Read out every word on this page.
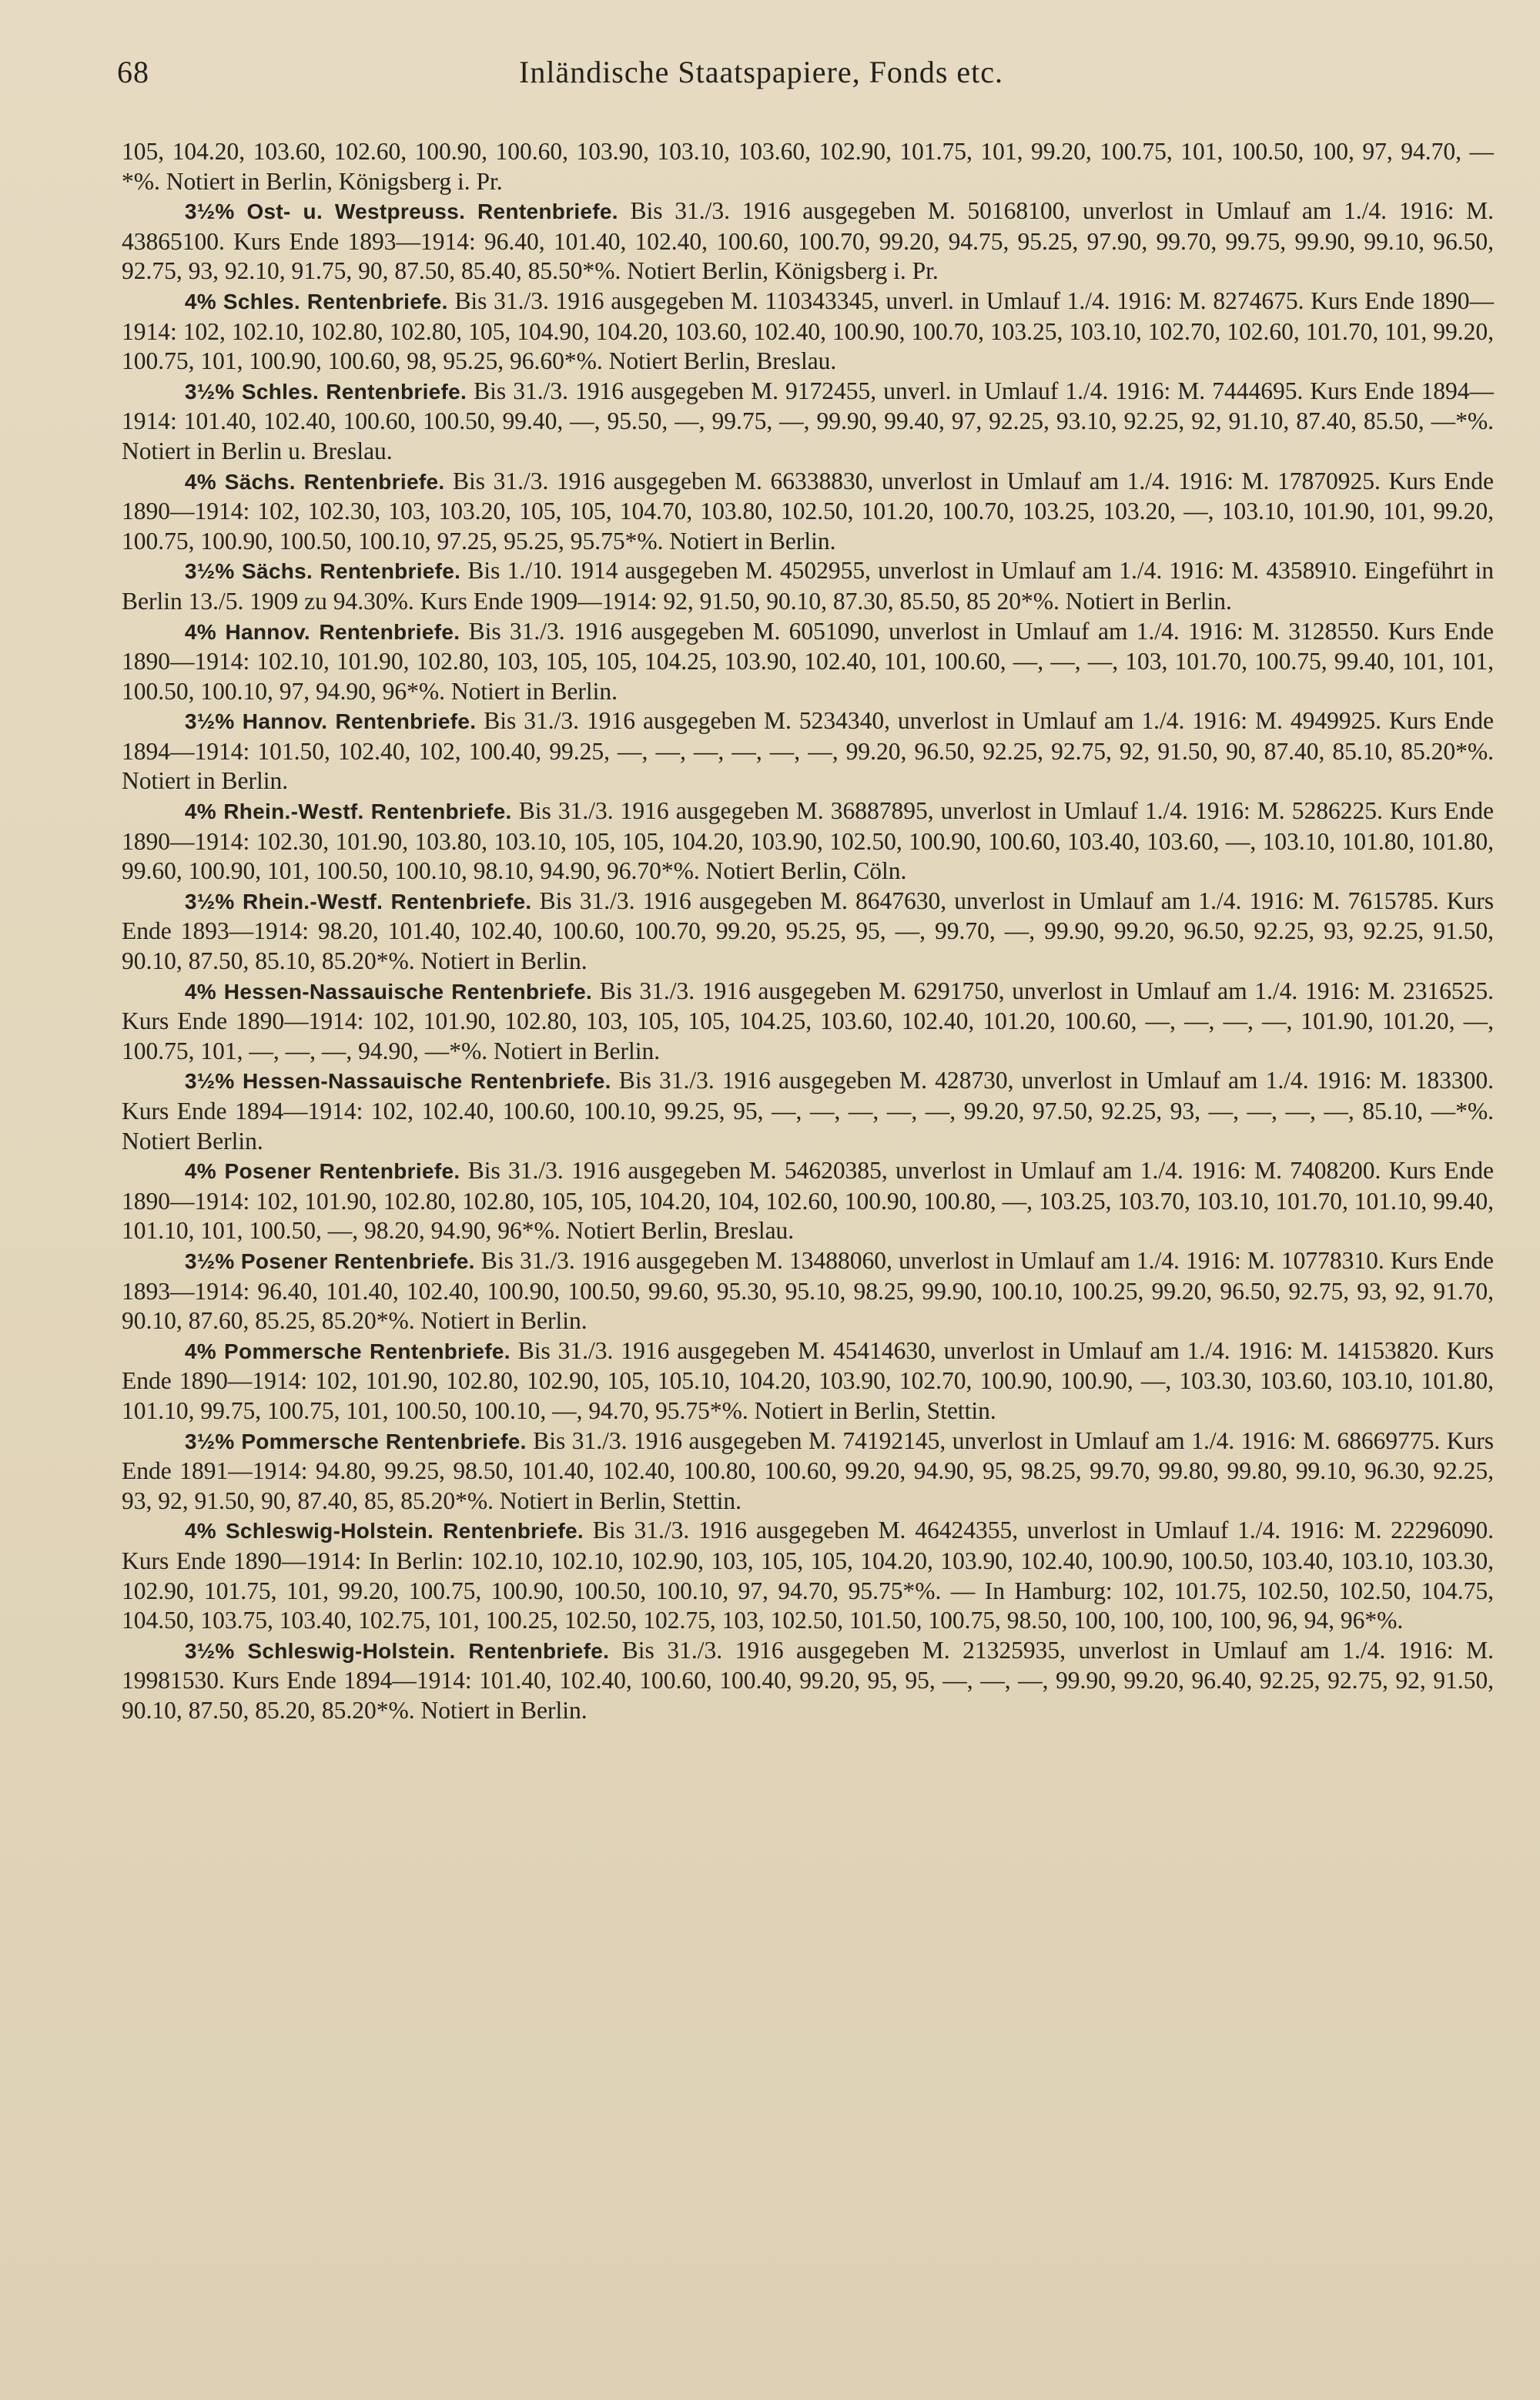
68	Inländische Staatspapiere, Fonds etc.

105, 104.20, 103.60, 102.60, 100.90, 100.60, 103.90, 103.10, 103.60, 102.90, 101.75, 101, 99.20, 100.75, 101, 100.50, 100, 97, 94.70, —*%. Notiert in Berlin, Königsberg i. Pr.

3½% Ost- u. Westpreuss. Rentenbriefe. Bis 31./3. 1916 ausgegeben M. 50168100, unverlost in Umlauf am 1./4. 1916: M. 43865100. Kurs Ende 1893—1914: 96.40, 101.40, 102.40, 100.60, 100.70, 99.20, 94.75, 95.25, 97.90, 99.70, 99.75, 99.90, 99.10, 96.50, 92.75, 93, 92.10, 91.75, 90, 87.50, 85.40, 85.50*%. Notiert Berlin, Königsberg i. Pr.

4% Schles. Rentenbriefe. Bis 31./3. 1916 ausgegeben M. 110343345, unverl. in Umlauf 1./4. 1916: M. 8274675. Kurs Ende 1890—1914: 102, 102.10, 102.80, 102.80, 105, 104.90, 104.20, 103.60, 102.40, 100.90, 100.70, 103.25, 103.10, 102.70, 102.60, 101.70, 101, 99.20, 100.75, 101, 100.90, 100.60, 98, 95.25, 96.60*%. Notiert Berlin, Breslau.

3½% Schles. Rentenbriefe. Bis 31./3. 1916 ausgegeben M. 9172455, unverl. in Umlauf 1./4. 1916: M. 7444695. Kurs Ende 1894—1914: 101.40, 102.40, 100.60, 100.50, 99.40, —, 95.50, —, 99.75, —, 99.90, 99.40, 97, 92.25, 93.10, 92.25, 92, 91.10, 87.40, 85.50, —*%. Notiert in Berlin u. Breslau.

4% Sächs. Rentenbriefe. Bis 31./3. 1916 ausgegeben M. 66338830, unverlost in Umlauf am 1./4. 1916: M. 17870925. Kurs Ende 1890—1914: 102, 102.30, 103, 103.20, 105, 105, 104.70, 103.80, 102.50, 101.20, 100.70, 103.25, 103.20, —, 103.10, 101.90, 101, 99.20, 100.75, 100.90, 100.50, 100.10, 97.25, 95.25, 95.75*%. Notiert in Berlin.

3½% Sächs. Rentenbriefe. Bis 1./10. 1914 ausgegeben M. 4502955, unverlost in Umlauf am 1./4. 1916: M. 4358910. Eingeführt in Berlin 13./5. 1909 zu 94.30%. Kurs Ende 1909—1914: 92, 91.50, 90.10, 87.30, 85.50, 85 20*%. Notiert in Berlin.

4% Hannov. Rentenbriefe. Bis 31./3. 1916 ausgegeben M. 6051090, unverlost in Umlauf am 1./4. 1916: M. 3128550. Kurs Ende 1890—1914: 102.10, 101.90, 102.80, 103, 105, 105, 104.25, 103.90, 102.40, 101, 100.60, —, —, —, 103, 101.70, 100.75, 99.40, 101, 101, 100.50, 100.10, 97, 94.90, 96*%. Notiert in Berlin.

3½% Hannov. Rentenbriefe. Bis 31./3. 1916 ausgegeben M. 5234340, unverlost in Umlauf am 1./4. 1916: M. 4949925. Kurs Ende 1894—1914: 101.50, 102.40, 102, 100.40, 99.25, —, —, —, —, —, —, 99.20, 96.50, 92.25, 92.75, 92, 91.50, 90, 87.40, 85.10, 85.20*%. Notiert in Berlin.

4% Rhein.-Westf. Rentenbriefe. Bis 31./3. 1916 ausgegeben M. 36887895, unverlost in Umlauf 1./4. 1916: M. 5286225. Kurs Ende 1890—1914: 102.30, 101.90, 103.80, 103.10, 105, 105, 104.20, 103.90, 102.50, 100.90, 100.60, 103.40, 103.60, —, 103.10, 101.80, 101.80, 99.60, 100.90, 101, 100.50, 100.10, 98.10, 94.90, 96.70*%. Notiert Berlin, Cöln.

3½% Rhein.-Westf. Rentenbriefe. Bis 31./3. 1916 ausgegeben M. 8647630, unverlost in Umlauf am 1./4. 1916: M. 7615785. Kurs Ende 1893—1914: 98.20, 101.40, 102.40, 100.60, 100.70, 99.20, 95.25, 95, —, 99.70, —, 99.90, 99.20, 96.50, 92.25, 93, 92.25, 91.50, 90.10, 87.50, 85.10, 85.20*%. Notiert in Berlin.

4% Hessen-Nassauische Rentenbriefe. Bis 31./3. 1916 ausgegeben M. 6291750, unverlost in Umlauf am 1./4. 1916: M. 2316525. Kurs Ende 1890—1914: 102, 101.90, 102.80, 103, 105, 105, 104.25, 103.60, 102.40, 101.20, 100.60, —, —, —, —, 101.90, 101.20, —, 100.75, 101, —, —, —, 94.90, —*%. Notiert in Berlin.

3½% Hessen-Nassauische Rentenbriefe. Bis 31./3. 1916 ausgegeben M. 428730, unverlost in Umlauf am 1./4. 1916: M. 183300. Kurs Ende 1894—1914: 102, 102.40, 100.60, 100.10, 99.25, 95, —, —, —, —, —, 99.20, 97.50, 92.25, 93, —, —, —, —, 85.10, —*%. Notiert Berlin.

4% Posener Rentenbriefe. Bis 31./3. 1916 ausgegeben M. 54620385, unverlost in Umlauf am 1./4. 1916: M. 7408200. Kurs Ende 1890—1914: 102, 101.90, 102.80, 102.80, 105, 105, 104.20, 104, 102.60, 100.90, 100.80, —, 103.25, 103.70, 103.10, 101.70, 101.10, 99.40, 101.10, 101, 100.50, —, 98.20, 94.90, 96*%. Notiert Berlin, Breslau.

3½% Posener Rentenbriefe. Bis 31./3. 1916 ausgegeben M. 13488060, unverlost in Umlauf am 1./4. 1916: M. 10778310. Kurs Ende 1893—1914: 96.40, 101.40, 102.40, 100.90, 100.50, 99.60, 95.30, 95.10, 98.25, 99.90, 100.10, 100.25, 99.20, 96.50, 92.75, 93, 92, 91.70, 90.10, 87.60, 85.25, 85.20*%. Notiert in Berlin.

4% Pommersche Rentenbriefe. Bis 31./3. 1916 ausgegeben M. 45414630, unverlost in Umlauf am 1./4. 1916: M. 14153820. Kurs Ende 1890—1914: 102, 101.90, 102.80, 102.90, 105, 105.10, 104.20, 103.90, 102.70, 100.90, 100.90, —, 103.30, 103.60, 103.10, 101.80, 101.10, 99.75, 100.75, 101, 100.50, 100.10, —, 94.70, 95.75*%. Notiert in Berlin, Stettin.

3½% Pommersche Rentenbriefe. Bis 31./3. 1916 ausgegeben M. 74192145, unverlost in Umlauf am 1./4. 1916: M. 68669775. Kurs Ende 1891—1914: 94.80, 99.25, 98.50, 101.40, 102.40, 100.80, 100.60, 99.20, 94.90, 95, 98.25, 99.70, 99.80, 99.80, 99.10, 96.30, 92.25, 93, 92, 91.50, 90, 87.40, 85, 85.20*%. Notiert in Berlin, Stettin.

4% Schleswig-Holstein. Rentenbriefe. Bis 31./3. 1916 ausgegeben M. 46424355, unverlost in Umlauf 1./4. 1916: M. 22296090. Kurs Ende 1890—1914: In Berlin: 102.10, 102.10, 102.90, 103, 105, 105, 104.20, 103.90, 102.40, 100.90, 100.50, 103.40, 103.10, 103.30, 102.90, 101.75, 101, 99.20, 100.75, 100.90, 100.50, 100.10, 97, 94.70, 95.75*%. — In Hamburg: 102, 101.75, 102.50, 102.50, 104.75, 104.50, 103.75, 103.40, 102.75, 101, 100.25, 102.50, 102.75, 103, 102.50, 101.50, 100.75, 98.50, 100, 100, 100, 100, 96, 94, 96*%.

3½% Schleswig-Holstein. Rentenbriefe. Bis 31./3. 1916 ausgegeben M. 21325935, unverlost in Umlauf am 1./4. 1916: M. 19981530. Kurs Ende 1894—1914: 101.40, 102.40, 100.60, 100.40, 99.20, 95, 95, —, —, —, 99.90, 99.20, 96.40, 92.25, 92.75, 92, 91.50, 90.10, 87.50, 85.20, 85.20*%. Notiert in Berlin.
